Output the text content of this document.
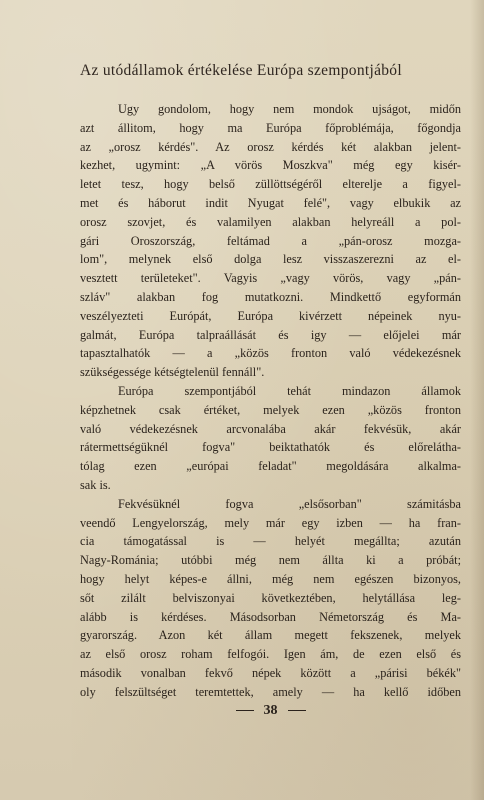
Az utódállamok értékelése Európa szempontjából
Ugy gondolom, hogy nem mondok ujságot, midőn
azt állitom, hogy ma Európa főproblémája, főgondja
az „orosz kérdés". Az orosz kérdés két alakban jelent-
kezhet, ugymint: „A vörös Moszkva" még egy kisér-
letet tesz, hogy belső züllöttségéről elterelje a figyel-
met és háborut indit Nyugat felé", vagy elbukik az
orosz szovjet, és valamilyen alakban helyreáll a pol-
gári Oroszország, feltámad a „pán-orosz mozga-
lom", melynek első dolga lesz visszaszerezni az el-
vesztett területeket". Vagyis „vagy vörös, vagy „pán-
szláv" alakban fog mutatkozni. Mindkettő egyformán
veszélyezteti Európát, Európa kivérzett népeinek nyu-
galmát, Európa talpraállását és igy — előjelei már
tapasztalhatók — a „közös fronton való védekezésnek
szükségessége kétségtelenül fennáll".
Európa szempontjából tehát mindazon államok
képzhetnek csak értéket, melyek ezen „közös fronton
való védekezésnek arcvonalába akár fekvésük, akár
rátermettségüknél fogva" beiktathatók és előrelátha-
tólag ezen „európai feladat" megoldására alkalma-
sak is.
Fekvésüknél fogva „elsősorban" számitásba
veendő Lengyelország, mely már egy izben — ha fran-
cia támogatással is — helyét megállta; azután
Nagy-Románia; utóbbi még nem állta ki a próbát;
hogy helyt képes-e állni, még nem egészen bizonyos,
sőt zilált belviszonyai következtében, helytállása leg-
alább is kérdéses. Másodsorban Németország és Ma-
gyarország. Azon két állam megett fekszenek, melyek
az első orosz roham felfogói. Igen ám, de ezen első és
második vonalban fekvő népek között a „párisi békék"
oly felszültséget teremtettek, amely — ha kellő időben
38
